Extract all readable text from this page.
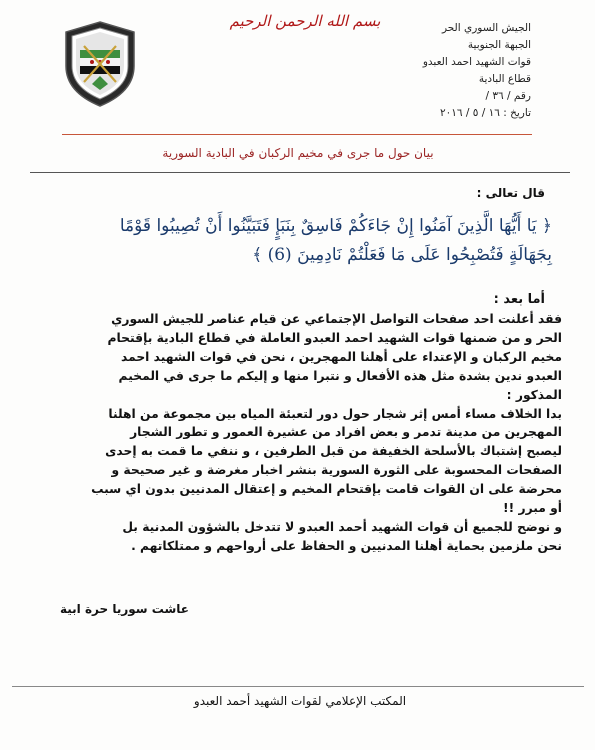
بسم الله الرحمن الرحيم	الجيش السوري الحر
الجبهة الجنوبية
قوات الشهيد احمد العبدو
قطاع البادية
رقم / ٣٦ /
تاريخ : ١٦ / ٥ / ٢٠١٦
بيان حول ما جرى في مخيم الركبان في البادية السورية
قال تعالى :
﴿ يَا أَيُّهَا الَّذِينَ آمَنُوا إِنْ جَاءَكُمْ فَاسِقٌ بِنَبَإٍ فَتَبَيَّنُوا أَنْ تُصِيبُوا قَوْمًا
بِجَهَالَةٍ فَتُصْبِحُوا عَلَى مَا فَعَلْتُمْ نَادِمِينَ (6) ﴾
أما بعد :
فقد أعلنت احد صفحات التواصل الإجتماعي عن قيام عناصر للجيش السوري
الحر و من ضمنها قوات الشهيد احمد العبدو العاملة في قطاع البادية بإقتحام
مخيم الركبان و الإعتداء على أهلنا المهجرين ، نحن في قوات الشهيد احمد
العبدو ندين بشدة مثل هذه الأفعال و نتبرا منها و إليكم ما جرى في المخيم
المذكور :
بدا الخلاف مساء أمس إثر شجار حول دور لتعبئة المياه بين مجموعة من اهلنا
المهجرين من مدينة تدمر و بعض افراد من عشيرة العمور و تطور الشجار
ليصبح إشتباك بالأسلحة الخفيفة من قبل الطرفين ، و ننفي ما قمت به إحدى
الصفحات المحسوبة على الثورة السورية بنشر اخبار مغرضة و غير صحيحة و
محرضة على ان القوات قامت بإقتحام المخيم و إعتقال المدنيين بدون اي سبب
أو مبرر !!
و نوضح للجميع أن قوات الشهيد أحمد العبدو لا تتدخل بالشؤون المدنية بل
نحن ملزمين بحماية أهلنا المدنيين و الحفاظ على أرواحهم و ممتلكاتهم .
عاشت سوريا حرة ابية
المكتب الإعلامي لقوات الشهيد أحمد العبدو
